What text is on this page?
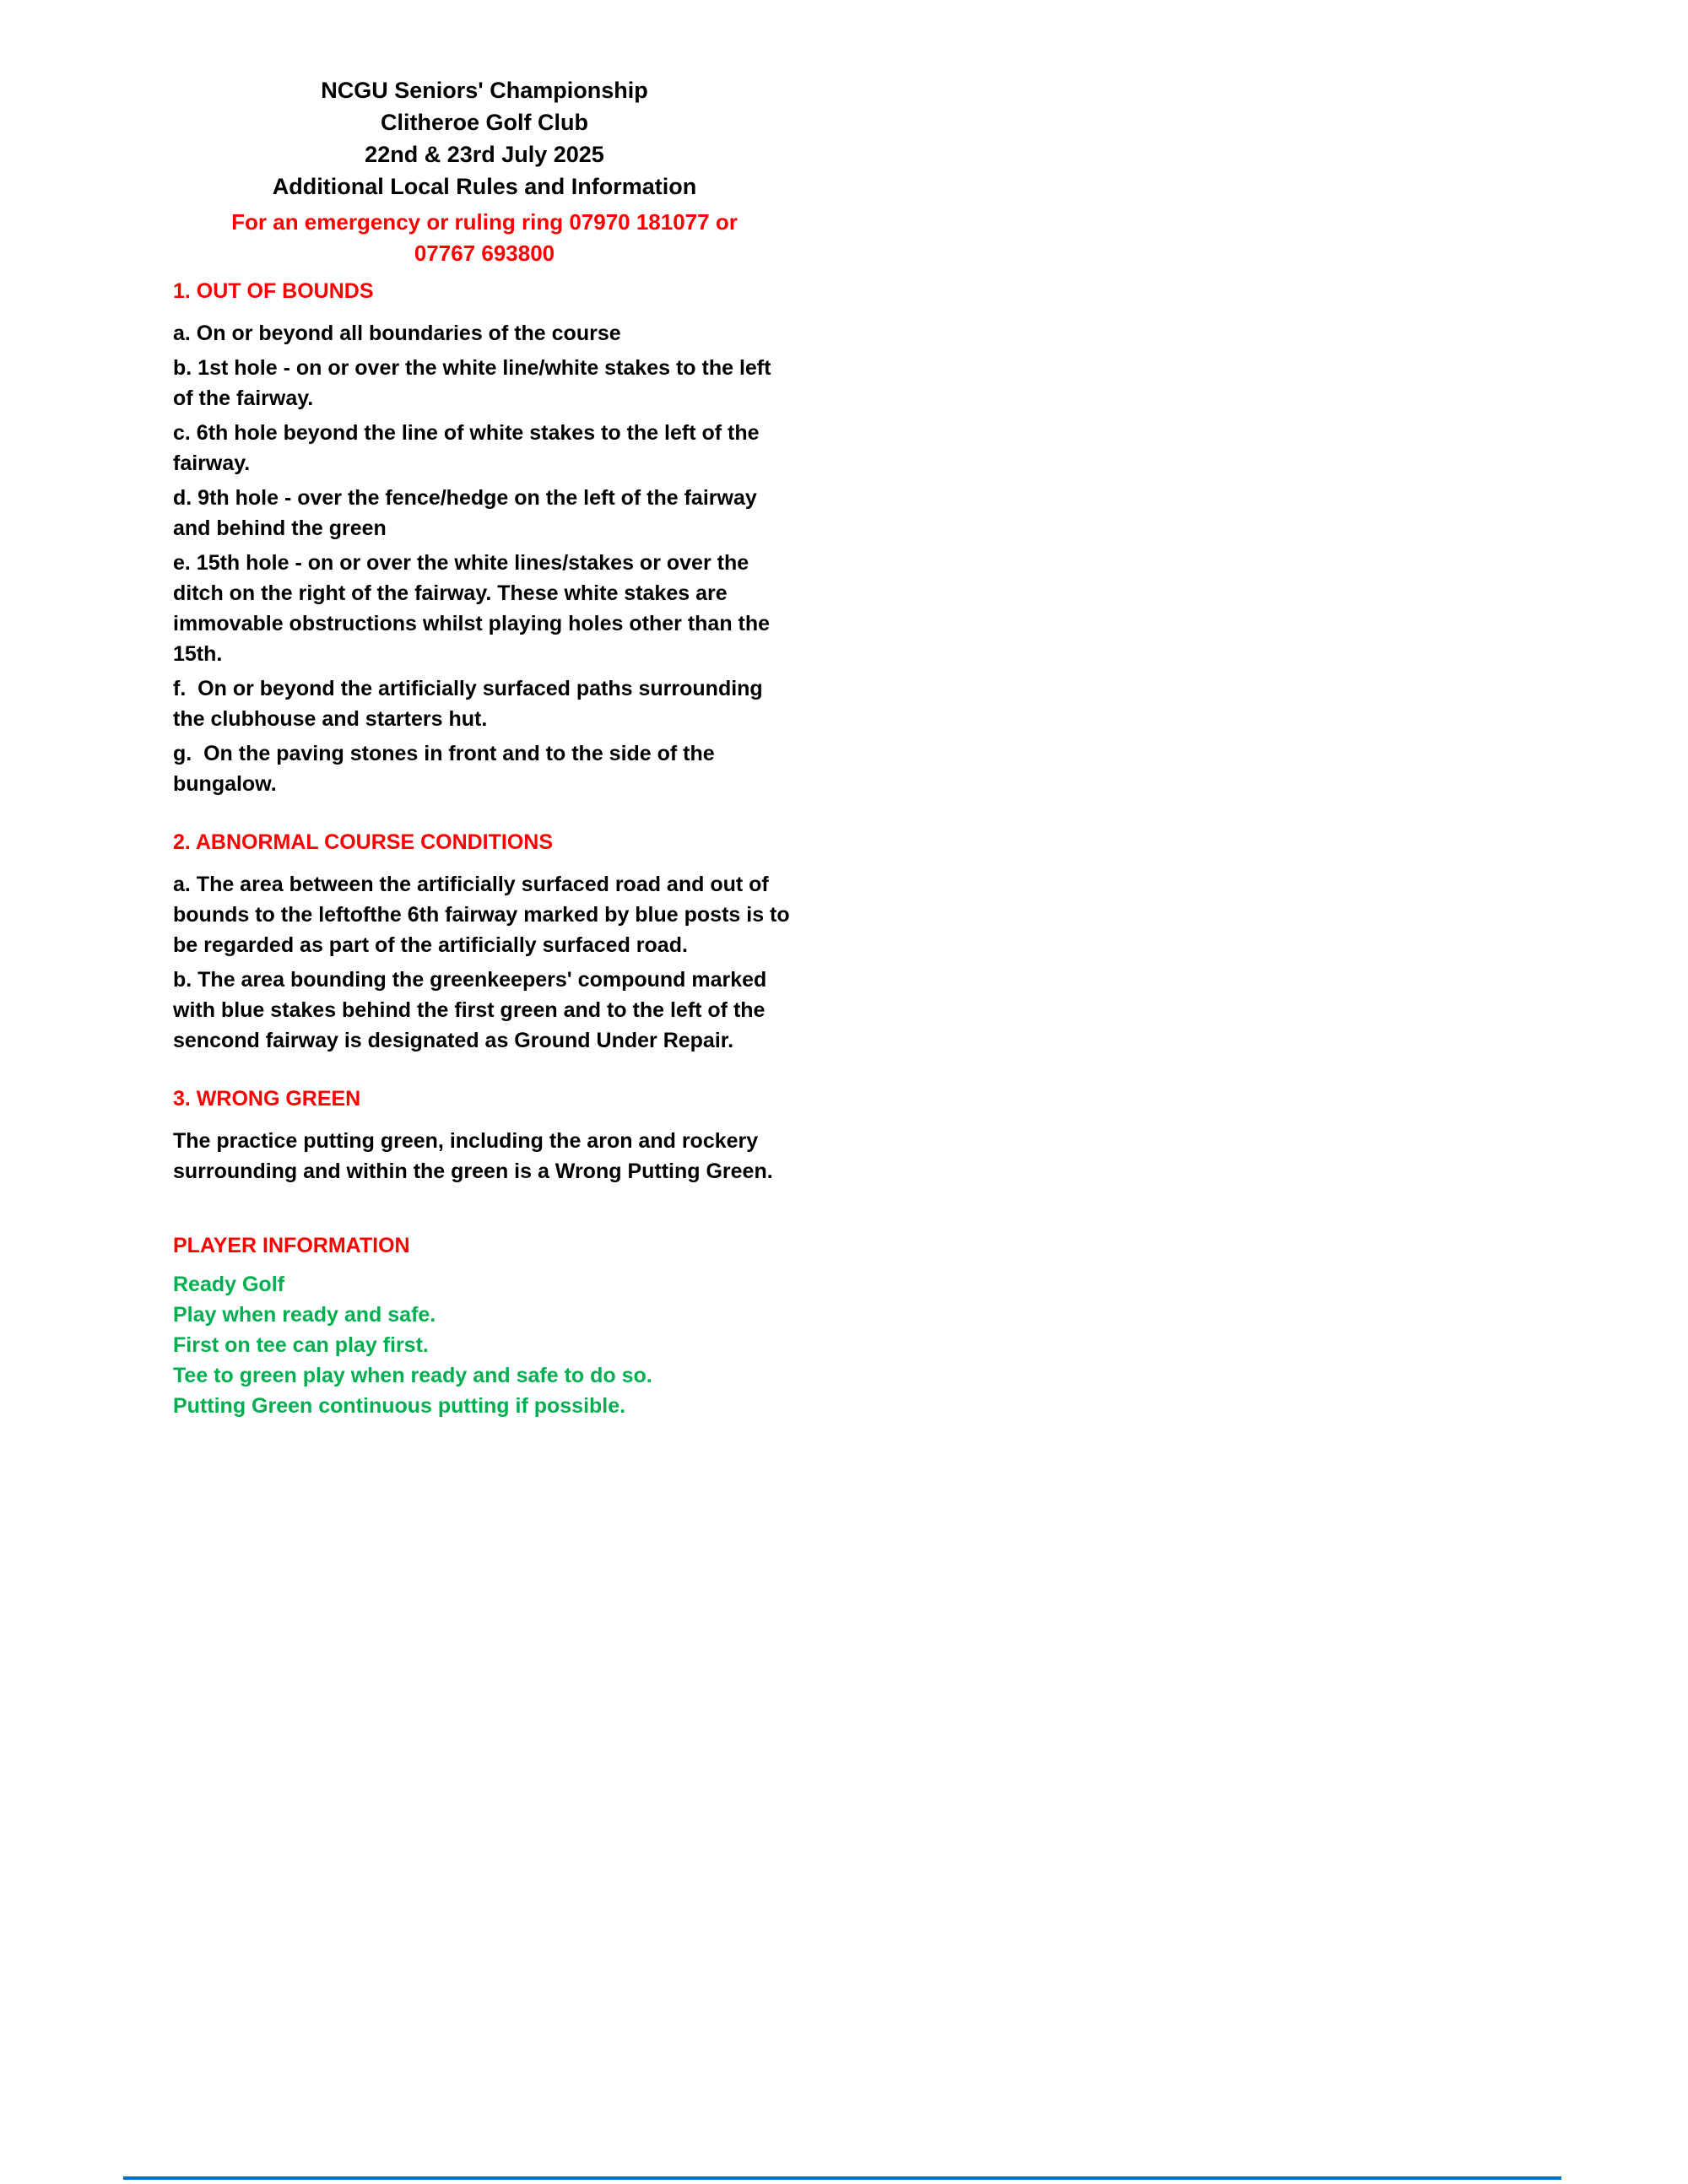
NCGU Seniors' Championship
Clitheroe Golf Club
22nd & 23rd July 2025
Additional Local Rules and Information
For an emergency or ruling ring 07970 181077 or
07767 693800
1. OUT OF BOUNDS

a. On or beyond all boundaries of the course

b. 1st hole - on or over the white line/white stakes to the left of the fairway.

c. 6th hole beyond the line of white stakes to the left of the fairway.

d. 9th hole - over the fence/hedge on the left of the fairway and behind the green

e. 15th hole - on or over the white lines/stakes or over the ditch on the right of the fairway. These white stakes are  immovable obstructions whilst playing holes other than the 15th.

f.  On or beyond the artificially surfaced paths surrounding the clubhouse and starters hut.

g.  On the paving stones in front and to the side of the bungalow.

2. ABNORMAL COURSE CONDITIONS

a. The area between the artificially surfaced road and out of bounds to the leftofthe 6th fairway marked by blue posts is to be regarded as part of the artificially surfaced road.

b. The area bounding the greenkeepers' compound marked with blue stakes behind the first green and to the left of the sencond fairway is designated as Ground Under Repair.

3. WRONG GREEN

The practice putting green, including the aron and rockery surrounding and within the green is a Wrong Putting Green.

PLAYER INFORMATION

Ready Golf

Play when ready and safe.

First on tee can play first.

Tee to green play when ready and safe to do so.

Putting Green continuous putting if possible.
